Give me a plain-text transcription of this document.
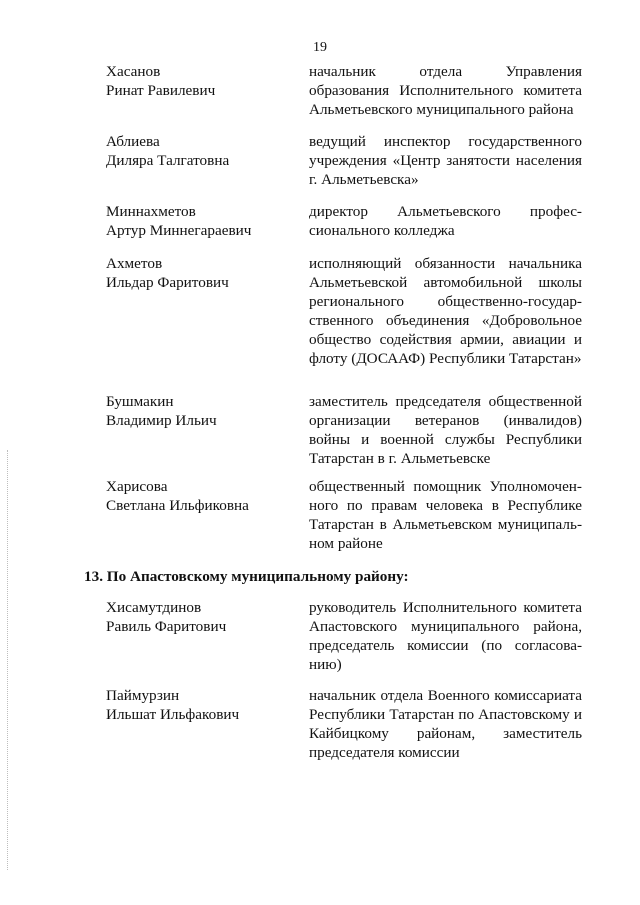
19
Хасанов
Ринат Равилевич
начальник отдела Управления образования Исполнительного комитета Альметьевского муниципального района
Аблиева
Диляра Талгатовна
ведущий инспектор государственного учреждения «Центр занятости населения г. Альметьевска»
Миннахметов
Артур Миннегараевич
директор Альметьевского профес-сионального колледжа
Ахметов
Ильдар Фаритович
исполняющий обязанности начальника Альметьевской автомобильной школы регионального общественно-государ-ственного объединения «Добровольное общество содействия армии, авиации и флоту (ДОСААФ) Республики Татарстан»
Бушмакин
Владимир Ильич
заместитель председателя общественной организации ветеранов (инвалидов) войны и военной службы Республики Татарстан в г. Альметьевске
Харисова
Светлана Ильфиковна
общественный помощник Уполномочен-ного по правам человека в Республике Татарстан в Альметьевском муниципаль-ном районе
13. По Апастовскому муниципальному району:
Хисамутдинов
Равиль Фаритович
руководитель Исполнительного комитета Апастовского муниципального района, председатель комиссии (по согласова-нию)
Паймурзин
Ильшат Ильфакович
начальник отдела Военного комиссариата Республики Татарстан по Апастовскому и Кайбицкому районам, заместитель председателя комиссии
